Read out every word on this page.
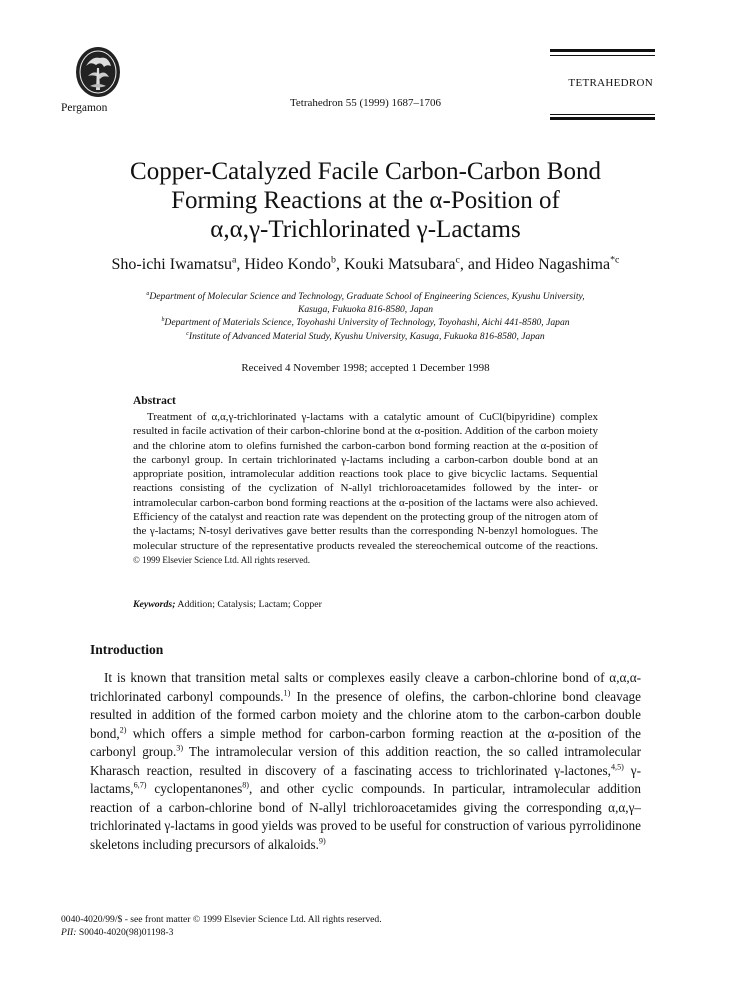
Pergamon	Tetrahedron 55 (1999) 1687–1706
TETRAHEDRON
Copper-Catalyzed Facile Carbon-Carbon Bond
Forming Reactions at the α-Position of
α,α,γ-Trichlorinated γ-Lactams
Sho-ichi Iwamatsu$^a$, Hideo Kondo$^b$, Kouki Matsubara$^c$, and Hideo Nagashima$^{*c}$
$^a$Department of Molecular Science and Technology, Graduate School of Engineering Sciences, Kyushu University,
Kasuga, Fukuoka 816-8580, Japan
$^b$Department of Materials Science, Toyohashi University of Technology, Toyohashi, Aichi 441-8580, Japan
$^c$Institute of Advanced Material Study, Kyushu University, Kasuga, Fukuoka 816-8580, Japan
Received 4 November 1998; accepted 1 December 1998
Abstract

Treatment of α,α,γ-trichlorinated γ-lactams with a catalytic amount of CuCl(bipyridine) complex resulted in facile activation of their carbon-chlorine bond at the α-position. Addition of the carbon moiety and the chlorine atom to olefins furnished the carbon-carbon bond forming reaction at the α-position of the carbonyl group. In certain trichlorinated γ-lactams including a carbon-carbon double bond at an appropriate position, intramolecular addition reactions took place to give bicyclic lactams. Sequential reactions consisting of the cyclization of N-allyl trichloroacetamides followed by the inter- or intramolecular carbon-carbon bond forming reactions at the α-position of the lactams were also achieved. Efficiency of the catalyst and reaction rate was dependent on the protecting group of the nitrogen atom of the γ-lactams; N-tosyl derivatives gave better results than the corresponding N-benzyl homologues. The molecular structure of the representative products revealed the stereochemical outcome of the reactions. © 1999 Elsevier Science Ltd. All rights reserved.

Keywords; Addition; Catalysis; Lactam; Copper
Introduction

It is known that transition metal salts or complexes easily cleave a carbon-chlorine bond of α,α,α-trichlorinated carbonyl compounds.$^{1)}$ In the presence of olefins, the carbon-chlorine bond cleavage resulted in addition of the formed carbon moiety and the chlorine atom to the carbon-carbon double bond,$^{2)}$ which offers a simple method for carbon-carbon forming reaction at the α-position of the carbonyl group.$^{3)}$ The intramolecular version of this addition reaction, the so called intramolecular Kharasch reaction, resulted in discovery of a fascinating access to trichlorinated γ-lactones,$^{4,5)}$ γ-lactams,$^{6,7)}$ cyclopentanones$^{8)}$, and other cyclic compounds. In particular, intramolecular addition reaction of a carbon-chlorine bond of N-allyl trichloroacetamides giving the corresponding α,α,γ–trichlorinated γ-lactams in good yields was proved to be useful for construction of various pyrrolidinone skeletons including precursors of alkaloids.$^{9)}$

0040-4020/99/$ - see front matter © 1999 Elsevier Science Ltd. All rights reserved.
PII: S0040-4020(98)01198-3
